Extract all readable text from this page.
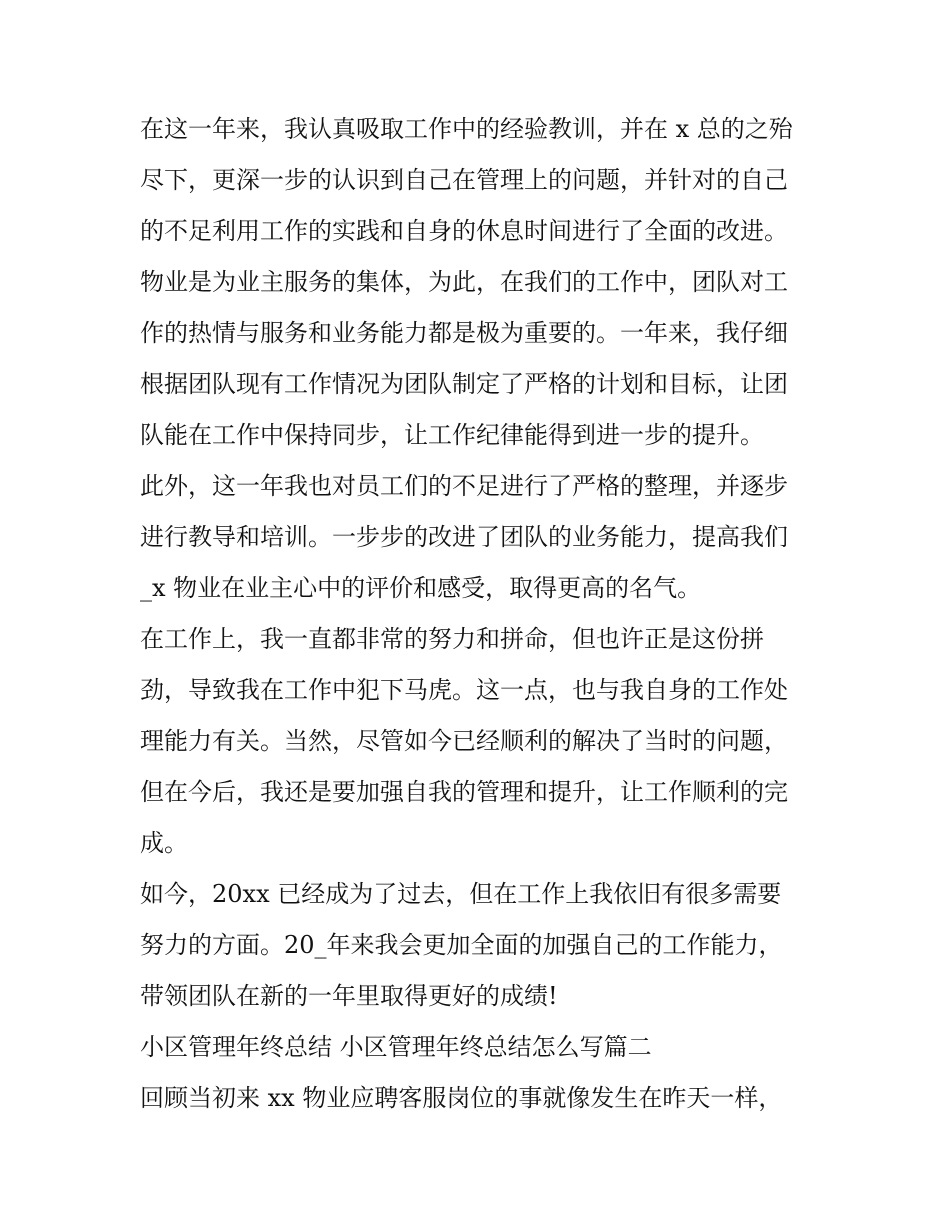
在这一年来，我认真吸取工作中的经验教训，并在 x 总的之殆
尽下，更深一步的认识到自己在管理上的问题，并针对的自己
的不足利用工作的实践和自身的休息时间进行了全面的改进。
物业是为业主服务的集体，为此，在我们的工作中，团队对工
作的热情与服务和业务能力都是极为重要的。一年来，我仔细
根据团队现有工作情况为团队制定了严格的计划和目标，让团
队能在工作中保持同步，让工作纪律能得到进一步的提升。
此外，这一年我也对员工们的不足进行了严格的整理，并逐步
进行教导和培训。一步步的改进了团队的业务能力，提高我们
_x 物业在业主心中的评价和感受，取得更高的名气。
在工作上，我一直都非常的努力和拼命，但也许正是这份拼
劲，导致我在工作中犯下马虎。这一点，也与我自身的工作处
理能力有关。当然，尽管如今已经顺利的解决了当时的问题，
但在今后，我还是要加强自我的管理和提升，让工作顺利的完
成。
如今，20xx 已经成为了过去，但在工作上我依旧有很多需要
努力的方面。20_年来我会更加全面的加强自己的工作能力，
带领团队在新的一年里取得更好的成绩!
小区管理年终总结 小区管理年终总结怎么写篇二
回顾当初来 xx 物业应聘客服岗位的事就像发生在昨天一样，
